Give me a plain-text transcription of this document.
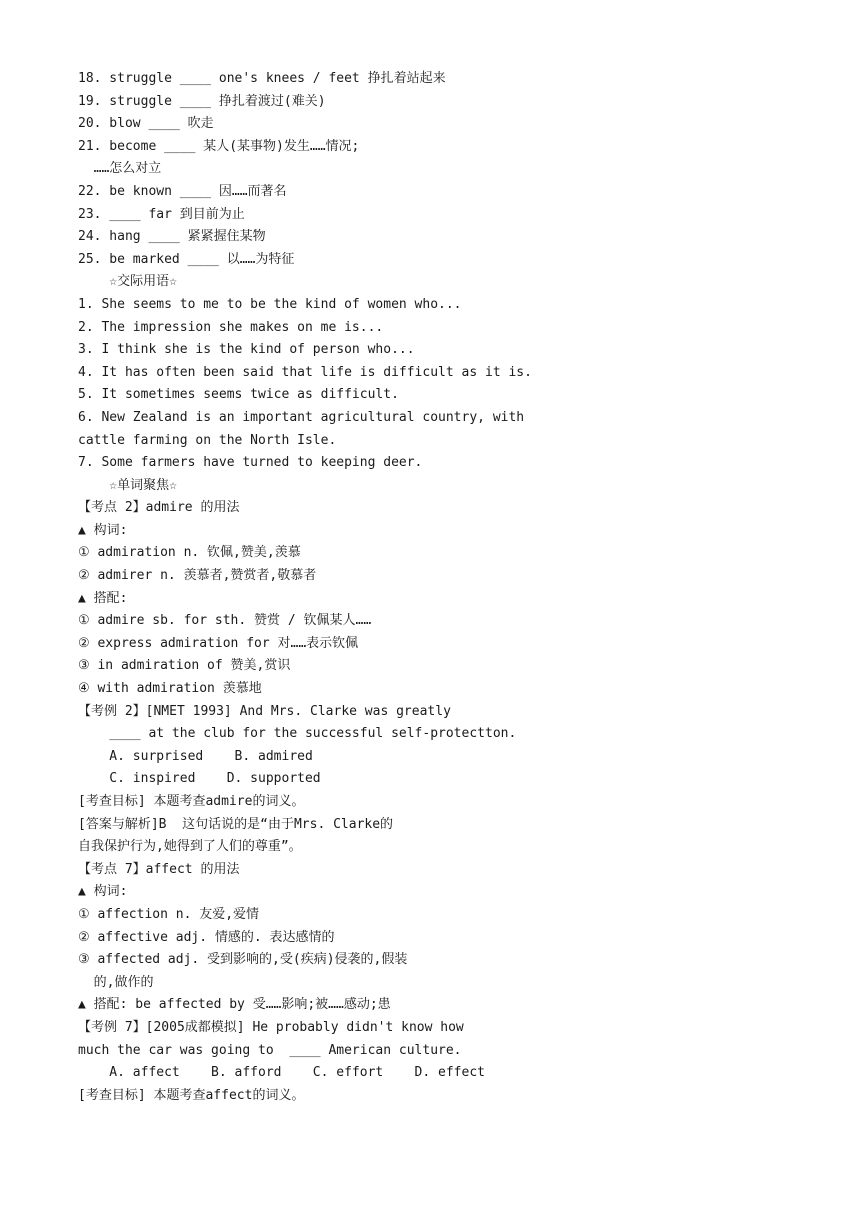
18. struggle ____ one's knees / feet 挣扎着站起来
19. struggle ____ 挣扎着渡过(难关)
20. blow ____ 吹走
21. become ____ 某人(某事物)发生……情况;
……怎么对立
22. be known ____ 因……而著名
23. ____ far 到目前为止
24. hang ____ 紧紧握住某物
25. be marked ____ 以……为特征
☆交际用语☆
1. She seems to me to be the kind of women who...
2. The impression she makes on me is...
3. I think she is the kind of person who...
4. It has often been said that life is difficult as it is.
5. It sometimes seems twice as difficult.
6. New Zealand is an important agricultural country, with
cattle farming on the North Isle.
7. Some farmers have turned to keeping deer.
☆单词聚焦☆
【考点 2】admire 的用法
▲ 构词:
① admiration n. 钦佩,赞美,羡慕
② admirer n. 羡慕者,赞赏者,敬慕者
▲ 搭配:
① admire sb. for sth. 赞赏 / 钦佩某人……
② express admiration for 对……表示钦佩
③ in admiration of 赞美,赏识
④ with admiration 羡慕地
【考例 2】[NMET 1993] And Mrs. Clarke was greatly
____ at the club for the successful self-protectton.
A. surprised    B. admired
C. inspired    D. supported
[考查目标] 本题考查admire的词义。
[答案与解析]B  这句话说的是“由于Mrs. Clarke的
自我保护行为,她得到了人们的尊重”。
【考点 7】affect 的用法
▲ 构词:
① affection n. 友爱,爱情
② affective adj. 情感的. 表达感情的
③ affected adj. 受到影响的,受(疾病)侵袭的,假装
的,做作的
▲ 搭配: be affected by 受……影响;被……感动;患
【考例 7】[2005成都模拟] He probably didn't know how
much the car was going to  ____ American culture.
A. affect    B. afford    C. effort    D. effect
[考查目标] 本题考查affect的词义。
